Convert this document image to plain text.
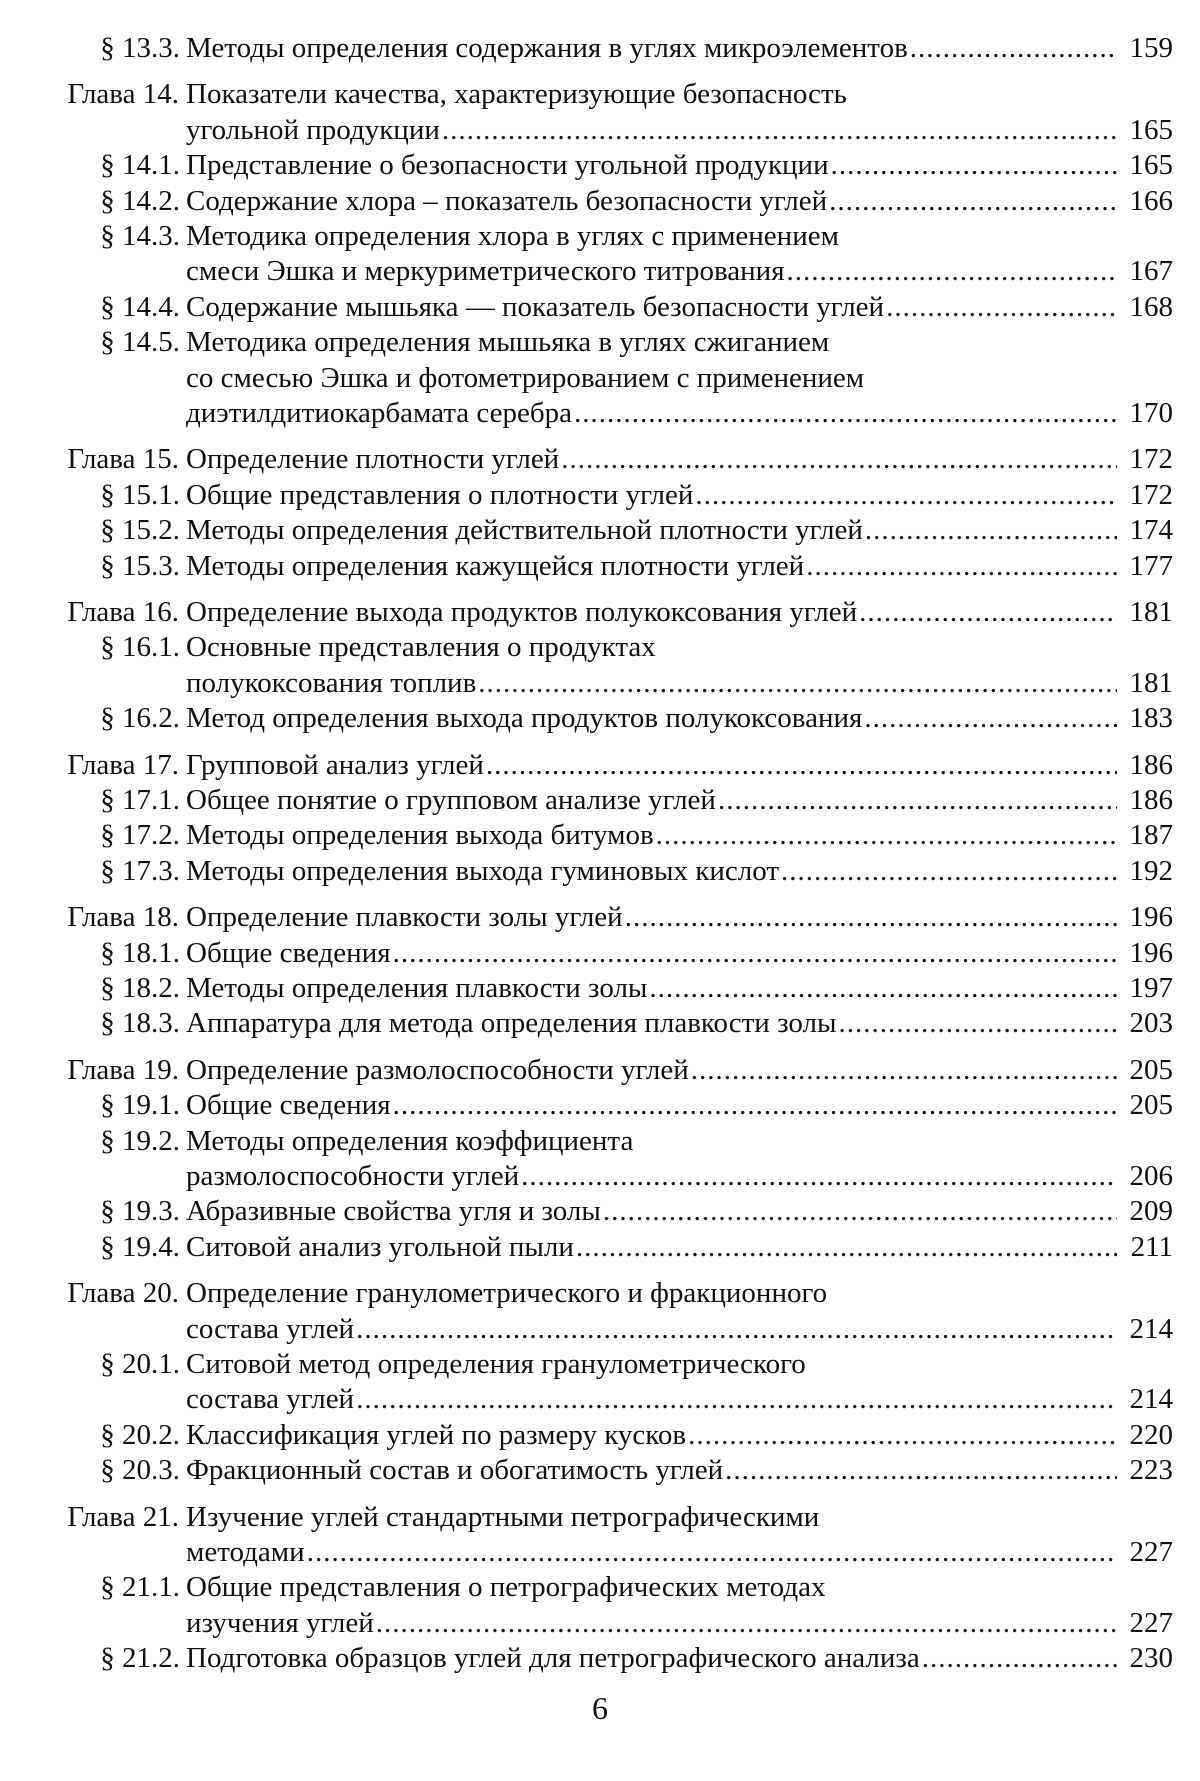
§ 13.3. Методы определения содержания в углях микроэлементов .....	159
Глава 14. Показатели качества, характеризующие безопасность
угольной продукции .....	165
§ 14.1. Представление о безопасности угольной продукции .....	165
§ 14.2. Содержание хлора – показатель безопасности углей .....	166
§ 14.3. Методика определения хлора в углях с применением
смеси Эшка и меркуриметрического титрования .....	167
§ 14.4. Содержание мышьяка — показатель безопасности углей .....	168
§ 14.5. Методика определения мышьяка в углях сжиганием
со смесью Эшка и фотометрированием с применением
диэтилдитиокарбамата серебра .....	170
Глава 15. Определение плотности углей .....	172
§ 15.1. Общие представления о плотности углей .....	172
§ 15.2. Методы определения действительной плотности углей .....	174
§ 15.3. Методы определения кажущейся плотности углей .....	177
Глава 16. Определение выхода продуктов полукоксования углей .....	181
§ 16.1. Основные представления о продуктах
полукоксования топлив .....	181
§ 16.2. Метод определения выхода продуктов полукоксования .....	183
Глава 17. Групповой анализ углей .....	186
§ 17.1. Общее понятие о групповом анализе углей .....	186
§ 17.2. Методы определения выхода битумов .....	187
§ 17.3. Методы определения выхода гуминовых кислот .....	192
Глава 18. Определение плавкости золы углей .....	196
§ 18.1. Общие сведения .....	196
§ 18.2. Методы определения плавкости золы .....	197
§ 18.3. Аппаратура для метода определения плавкости золы .....	203
Глава 19. Определение размолоспособности углей .....	205
§ 19.1. Общие сведения .....	205
§ 19.2. Методы определения коэффициента
размолоспособности углей .....	206
§ 19.3. Абразивные свойства угля и золы .....	209
§ 19.4. Ситовой анализ угольной пыли .....	211
Глава 20. Определение гранулометрического и фракционного
состава углей .....	214
§ 20.1. Ситовой метод определения гранулометрического
состава углей .....	214
§ 20.2. Классификация углей по размеру кусков .....	220
§ 20.3. Фракционный состав и обогатимость углей .....	223
Глава 21. Изучение углей стандартными петрографическими
методами .....	227
§ 21.1. Общие представления о петрографических методах
изучения углей .....	227
§ 21.2. Подготовка образцов углей для петрографического анализа .....	230
6
